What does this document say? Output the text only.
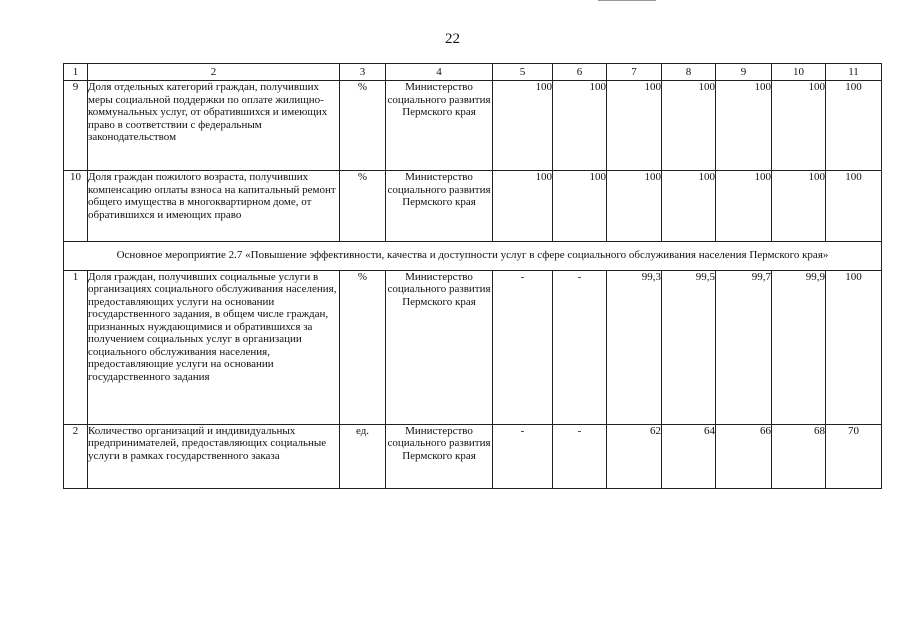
22
1	2	3	4	5	6	7	8	9	10	11
9	Доля отдельных категорий граждан, получивших меры социальной поддержки по оплате жилищно-коммунальных услуг, от обратившихся и имеющих право в соответствии с федеральным законодательством	%	Министерство социального развития Пермского края	100	100	100	100	100	100	100
10	Доля граждан пожилого возраста, получивших компенсацию оплаты взноса на капитальный ремонт общего имущества в многоквартирном доме, от обратившихся и имеющих право	%	Министерство социального развития Пермского края	100	100	100	100	100	100	100
Основное мероприятие 2.7 «Повышение эффективности, качества и доступности услуг в сфере социального обслуживания населения Пермского края»										
1	Доля граждан, получивших социальные услуги в организациях социального обслуживания населения, предоставляющих услуги на основании государственного задания, в общем числе граждан, признанных нуждающимися и обратившихся за получением социальных услуг в организации социального обслуживания населения, предоставляющие услуги на основании государственного задания	%	Министерство социального развития Пермского края	-	-	99,3	99,5	99,7	99,9	100
2	Количество организаций и индивидуальных предпринимателей, предоставляющих социальные услуги в рамках государственного заказа	ед.	Министерство социального развития Пермского края	-	-	62	64	66	68	70
